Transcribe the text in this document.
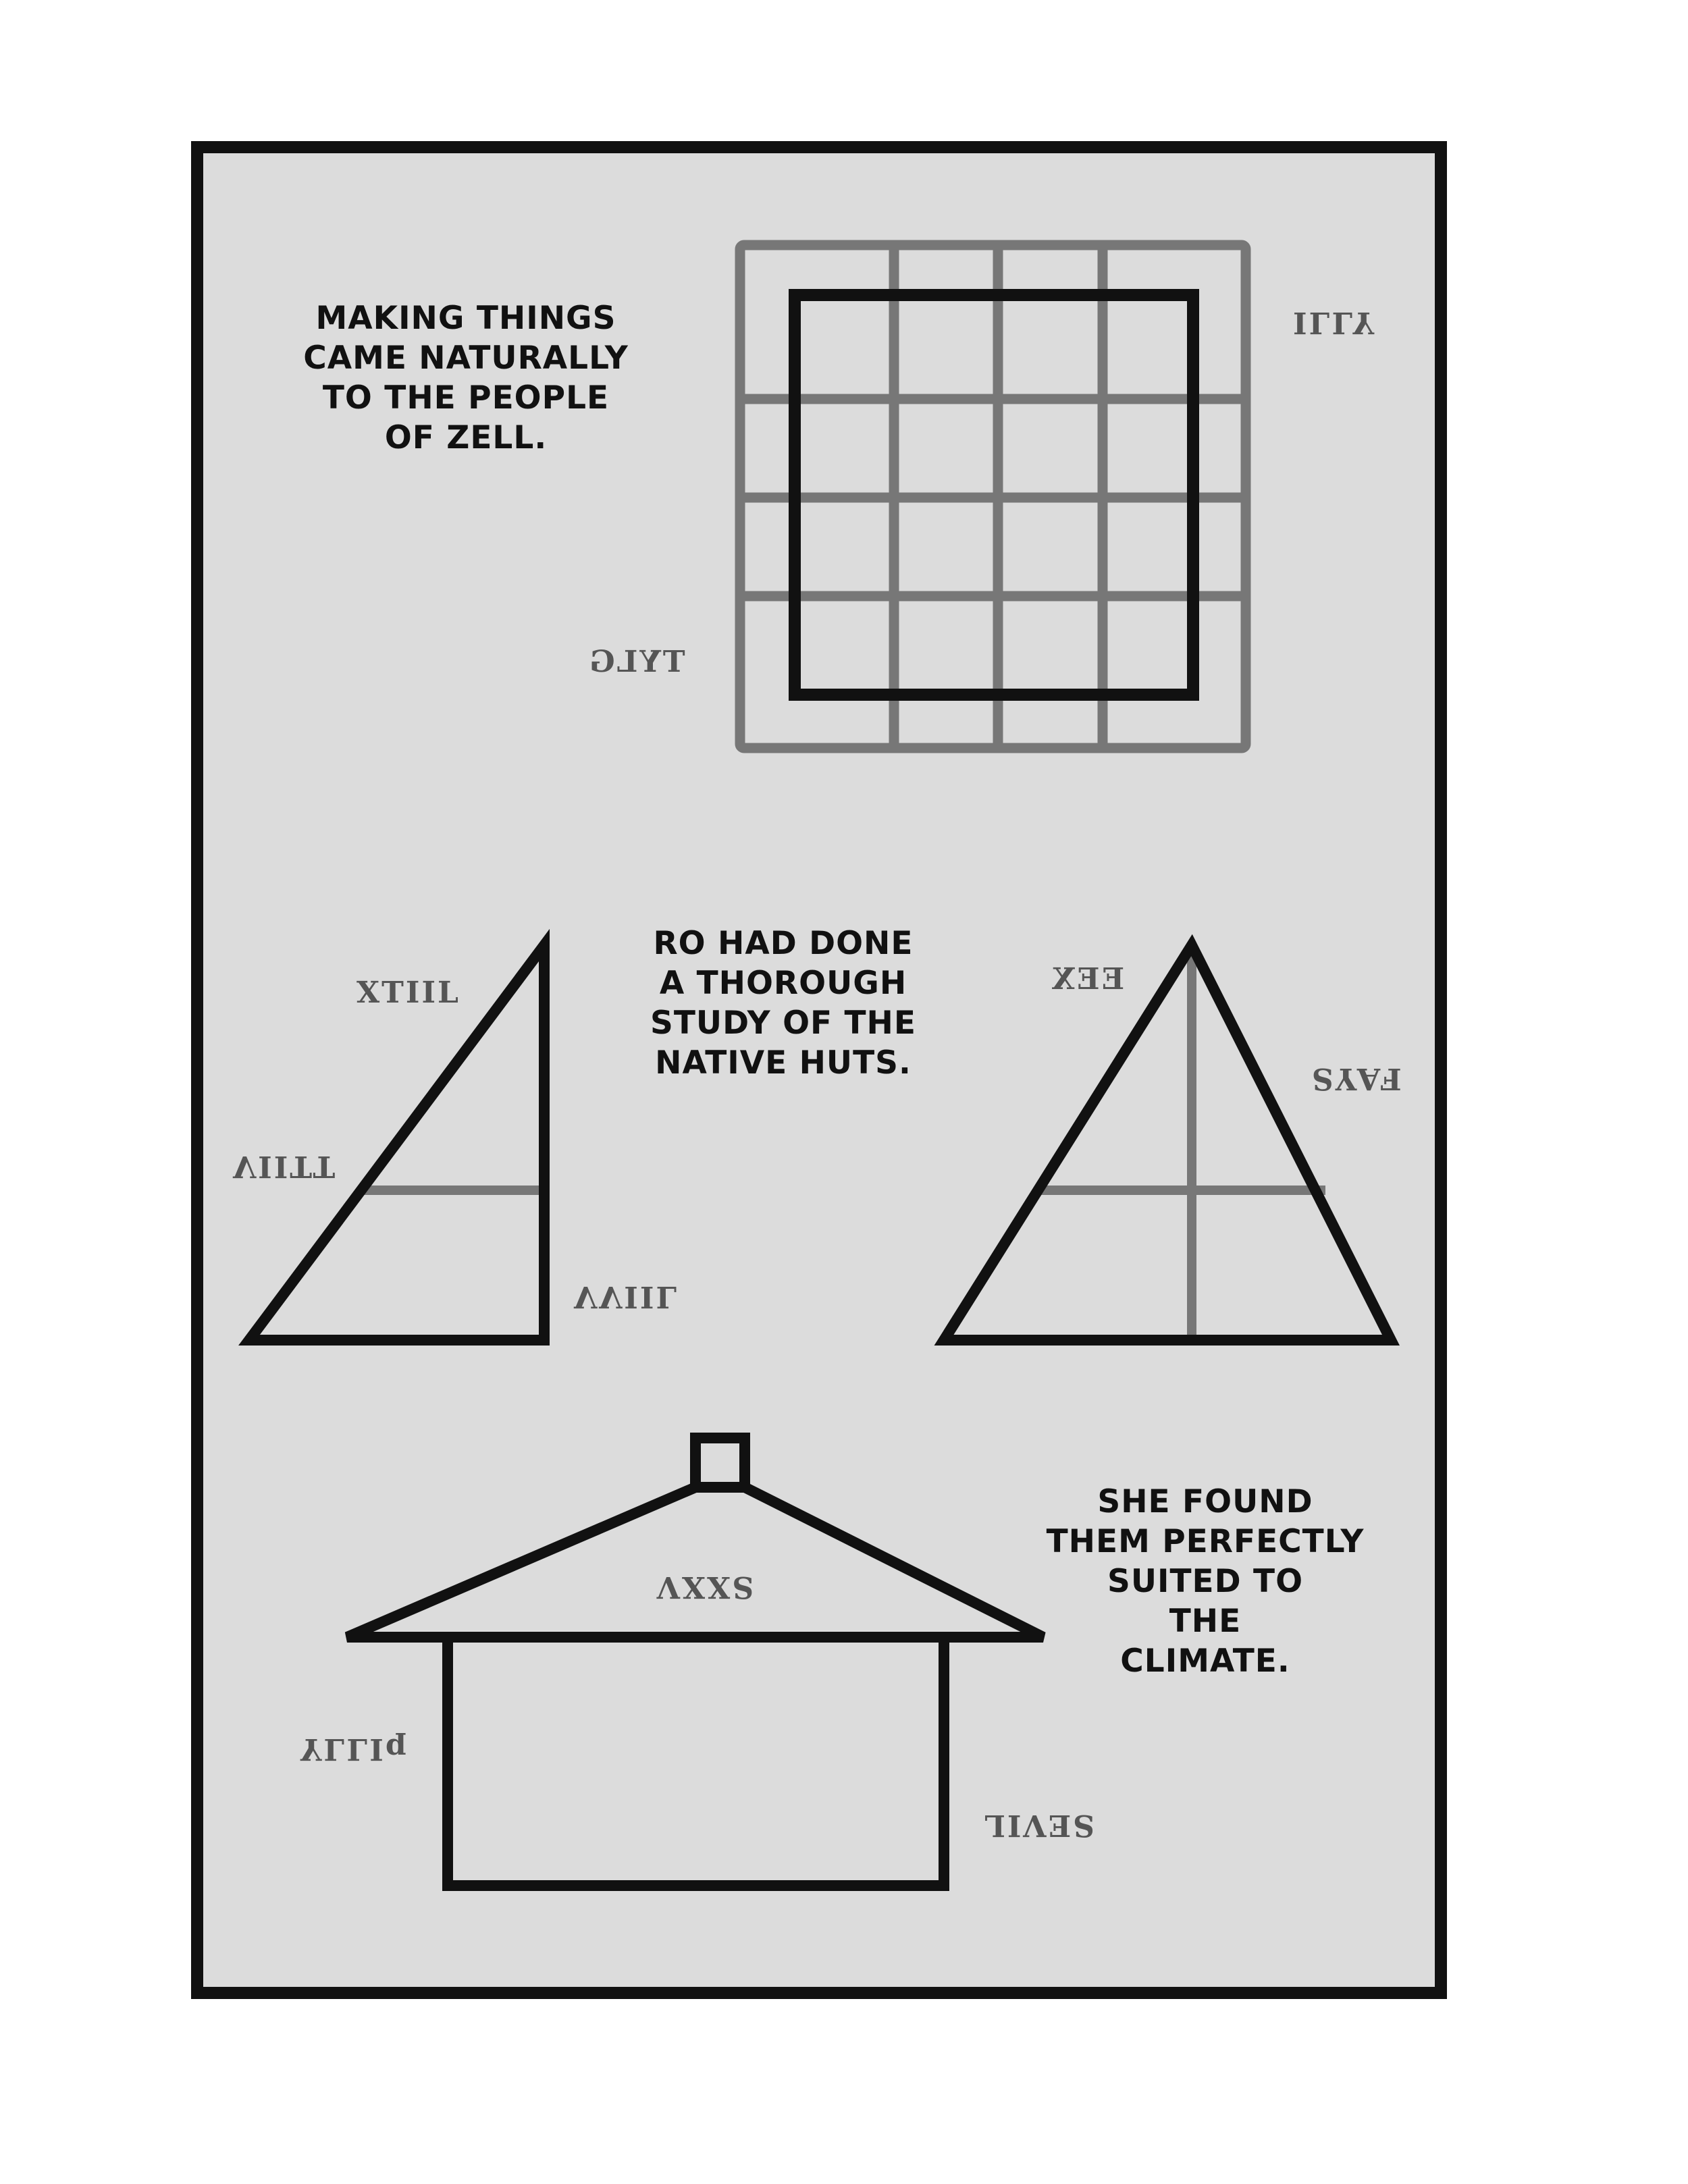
MAKING THINGS
CAME NATURALLY
TO THE PEOPLE
OF ZELL.
RO HAD DONE
A THOROUGH
STUDY OF THE
NATIVE HUTS.
SHE FOUND
THEM PERFECTLY
SUITED TO
THE
CLIMATE.
ILLY
TYLG
XTIIL
VIITT
VVIIL
EEX
FAYS
SXXV
YLLIq
SEVIL
